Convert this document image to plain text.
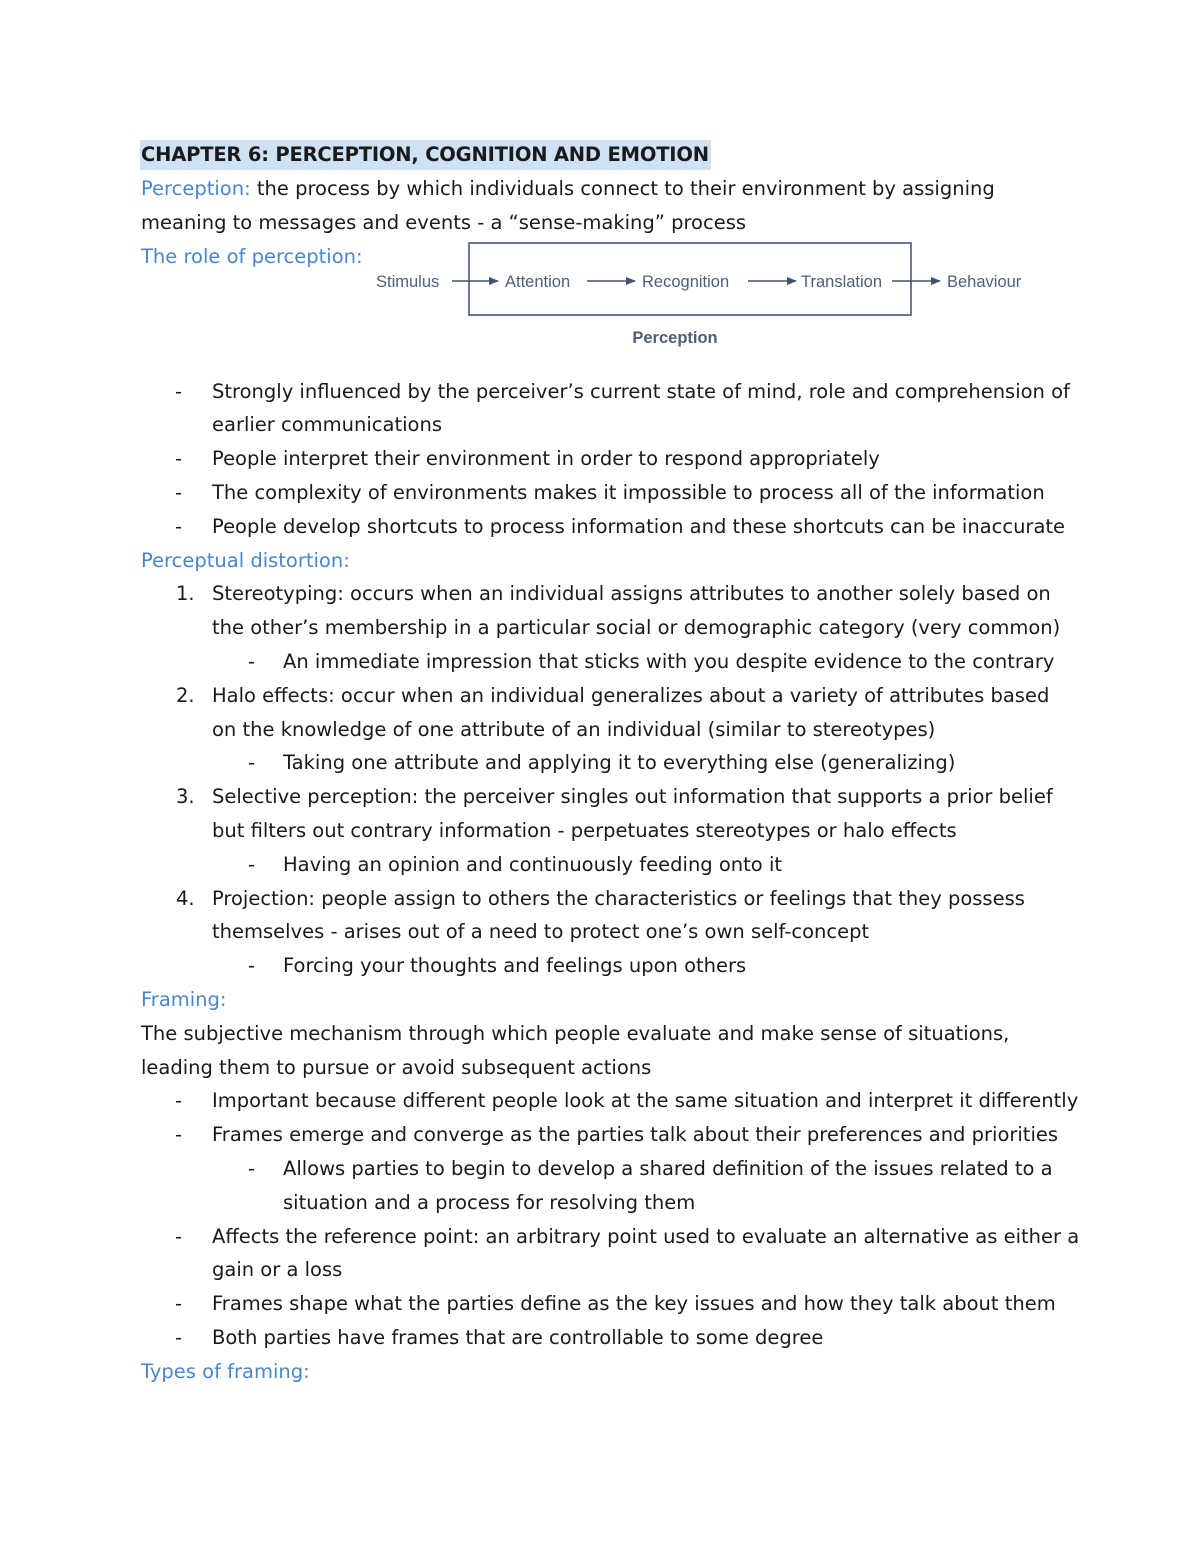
CHAPTER 6: PERCEPTION, COGNITION AND EMOTION
Perception: the process by which individuals connect to their environment by assigning
meaning to messages and events - a “sense-making” process
The role of perception:
- Strongly influenced by the perceiver’s current state of mind, role and comprehension of
earlier communications
- People interpret their environment in order to respond appropriately
- The complexity of environments makes it impossible to process all of the information
- People develop shortcuts to process information and these shortcuts can be inaccurate
Perceptual distortion:
1. Stereotyping: occurs when an individual assigns attributes to another solely based on
the other’s membership in a particular social or demographic category (very common)
- An immediate impression that sticks with you despite evidence to the contrary
2. Halo effects: occur when an individual generalizes about a variety of attributes based
on the knowledge of one attribute of an individual (similar to stereotypes)
- Taking one attribute and applying it to everything else (generalizing)
3. Selective perception: the perceiver singles out information that supports a prior belief
but filters out contrary information - perpetuates stereotypes or halo effects
- Having an opinion and continuously feeding onto it
4. Projection: people assign to others the characteristics or feelings that they possess
themselves - arises out of a need to protect one’s own self-concept
- Forcing your thoughts and feelings upon others
Framing:
The subjective mechanism through which people evaluate and make sense of situations,
leading them to pursue or avoid subsequent actions
- Important because different people look at the same situation and interpret it differently
- Frames emerge and converge as the parties talk about their preferences and priorities
- Allows parties to begin to develop a shared definition of the issues related to a
situation and a process for resolving them
- Affects the reference point: an arbitrary point used to evaluate an alternative as either a
gain or a loss
- Frames shape what the parties define as the key issues and how they talk about them
- Both parties have frames that are controllable to some degree
Types of framing:
Stimulus	Attention	Recognition	Translation	Behaviour
Perception
